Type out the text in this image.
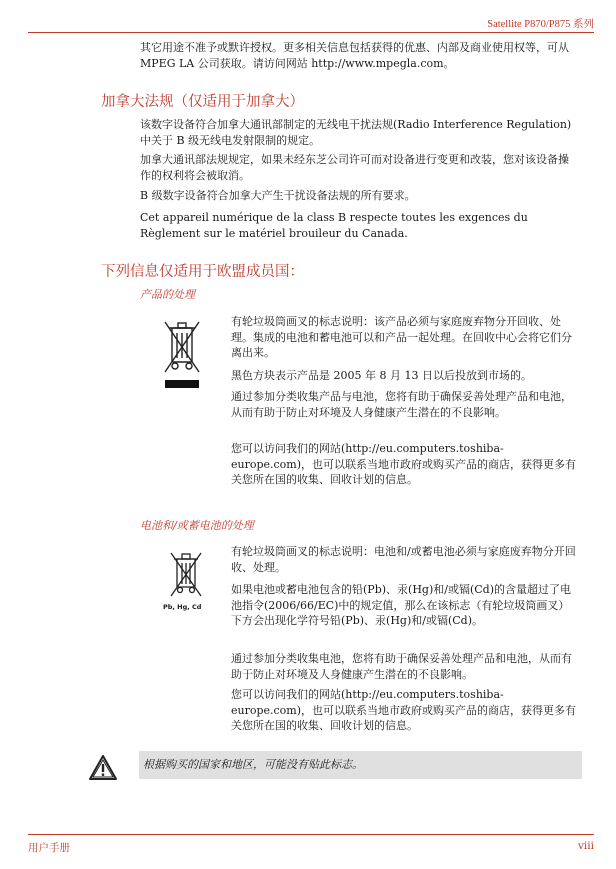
Satellite P870/P875 系列
其它用途不准予或默许授权。更多相关信息包括获得的优惠、内部及商业使用权等，可从 MPEG LA 公司获取。请访问网站 http://www.mpegla.com。
加拿大法规（仅适用于加拿大）
该数字设备符合加拿大通讯部制定的无线电干扰法规(Radio Interference Regulation)中关于 B 级无线电发射限制的规定。
加拿大通讯部法规规定，如果未经东芝公司许可而对设备进行变更和改装，您对该设备操作的权利将会被取消。
B 级数字设备符合加拿大产生干扰设备法规的所有要求。
Cet appareil numérique de la class B respecte toutes les exgences du Règlement sur le matériel brouileur du Canada.
下列信息仅适用于欧盟成员国：
产品的处理
有轮垃圾筒画叉的标志说明：该产品必须与家庭废弃物分开回收、处理。集成的电池和蓄电池可以和产品一起处理。在回收中心会将它们分离出来。
黑色方块表示产品是 2005 年 8 月 13 日以后投放到市场的。
通过参加分类收集产品与电池，您将有助于确保妥善处理产品和电池，从而有助于防止对环境及人身健康产生潜在的不良影响。
您可以访问我们的网站(http://eu.computers.toshiba-europe.com)，也可以联系当地市政府或购买产品的商店，获得更多有关您所在国的收集、回收计划的信息。
电池和/或蓄电池的处理
Pb, Hg, Cd
有轮垃圾筒画叉的标志说明：电池和/或蓄电池必须与家庭废弃物分开回收、处理。
如果电池或蓄电池包含的铅(Pb)、汞(Hg)和/或镉(Cd)的含量超过了电池指令(2006/66/EC)中的规定值，那么在该标志（有轮垃圾筒画叉）下方会出现化学符号铅(Pb)、汞(Hg)和/或镉(Cd)。
通过参加分类收集电池，您将有助于确保妥善处理产品和电池，从而有助于防止对环境及人身健康产生潜在的不良影响。
您可以访问我们的网站(http://eu.computers.toshiba-europe.com)，也可以联系当地市政府或购买产品的商店，获得更多有关您所在国的收集、回收计划的信息。
根据购买的国家和地区，可能没有贴此标志。
用户手册	viii
